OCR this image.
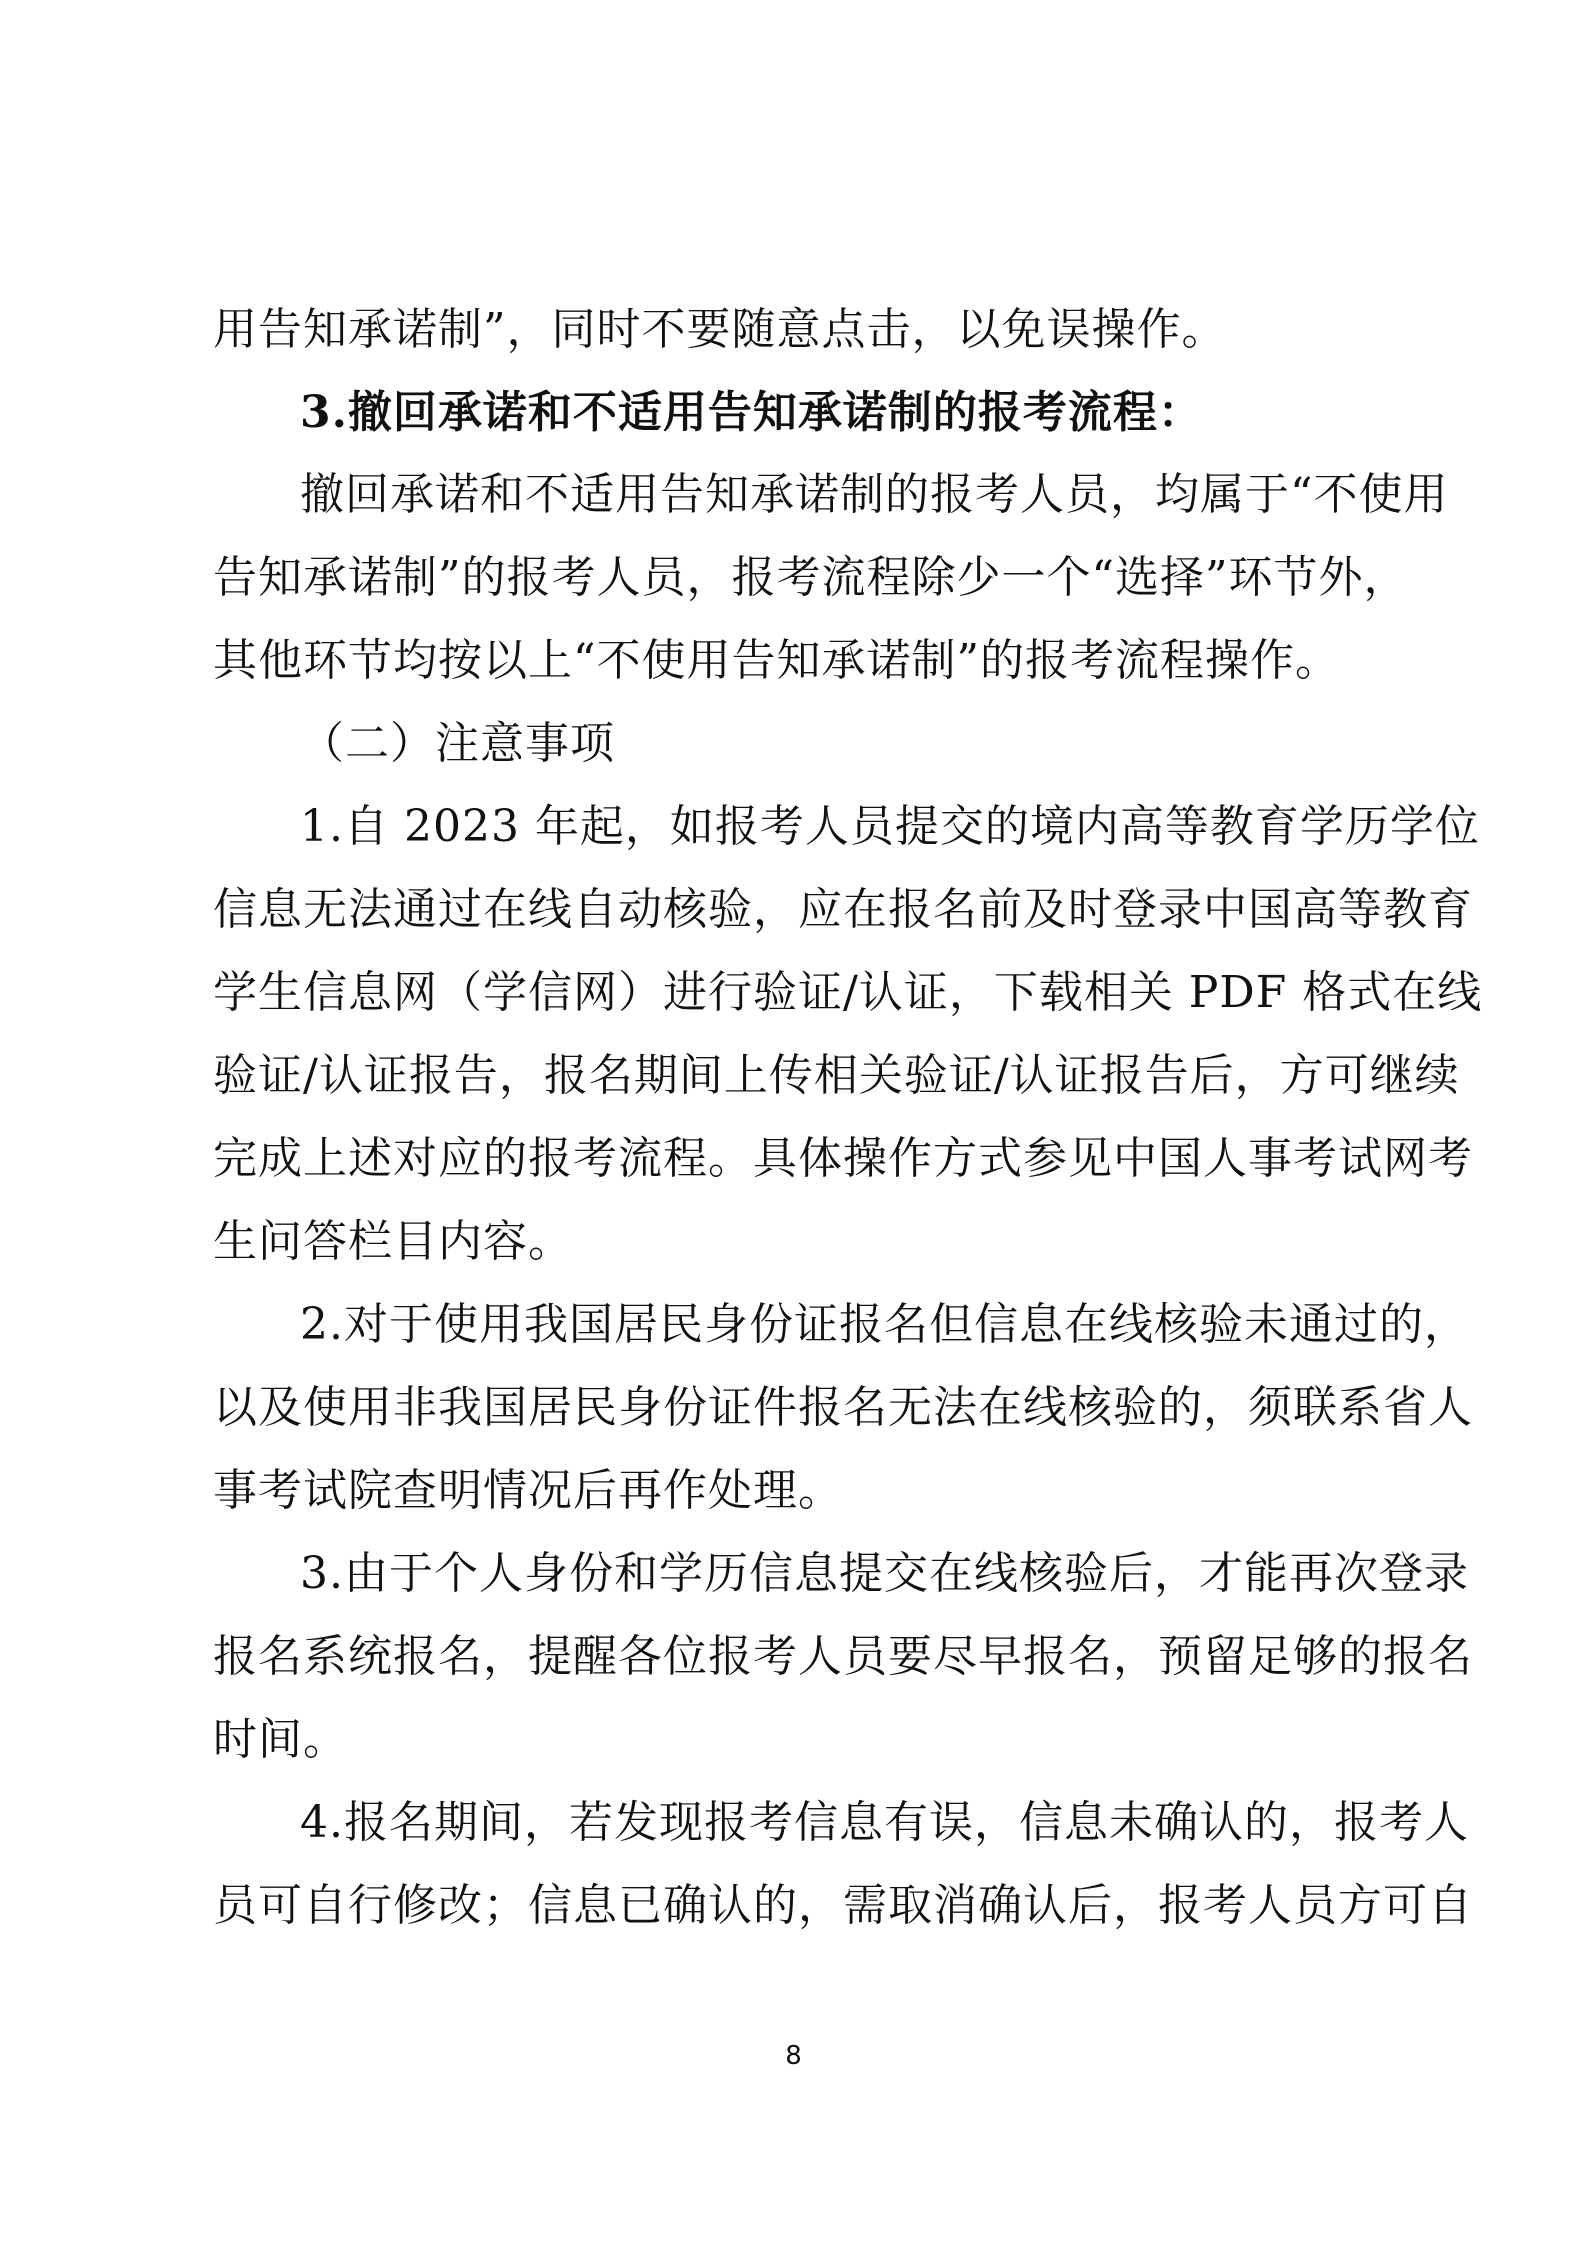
用告知承诺制”，同时不要随意点击，以免误操作。
3.撤回承诺和不适用告知承诺制的报考流程：
撤回承诺和不适用告知承诺制的报考人员，均属于“不使用
告知承诺制”的报考人员，报考流程除少一个“选择”环节外，
其他环节均按以上“不使用告知承诺制”的报考流程操作。
（二）注意事项
1.自 2023 年起，如报考人员提交的境内高等教育学历学位
信息无法通过在线自动核验，应在报名前及时登录中国高等教育
学生信息网（学信网）进行验证/认证，下载相关 PDF 格式在线
验证/认证报告，报名期间上传相关验证/认证报告后，方可继续
完成上述对应的报考流程。具体操作方式参见中国人事考试网考
生问答栏目内容。
2.对于使用我国居民身份证报名但信息在线核验未通过的，
以及使用非我国居民身份证件报名无法在线核验的，须联系省人
事考试院查明情况后再作处理。
3.由于个人身份和学历信息提交在线核验后，才能再次登录
报名系统报名，提醒各位报考人员要尽早报名，预留足够的报名
时间。
4.报名期间，若发现报考信息有误，信息未确认的，报考人
员可自行修改；信息已确认的，需取消确认后，报考人员方可自
8
